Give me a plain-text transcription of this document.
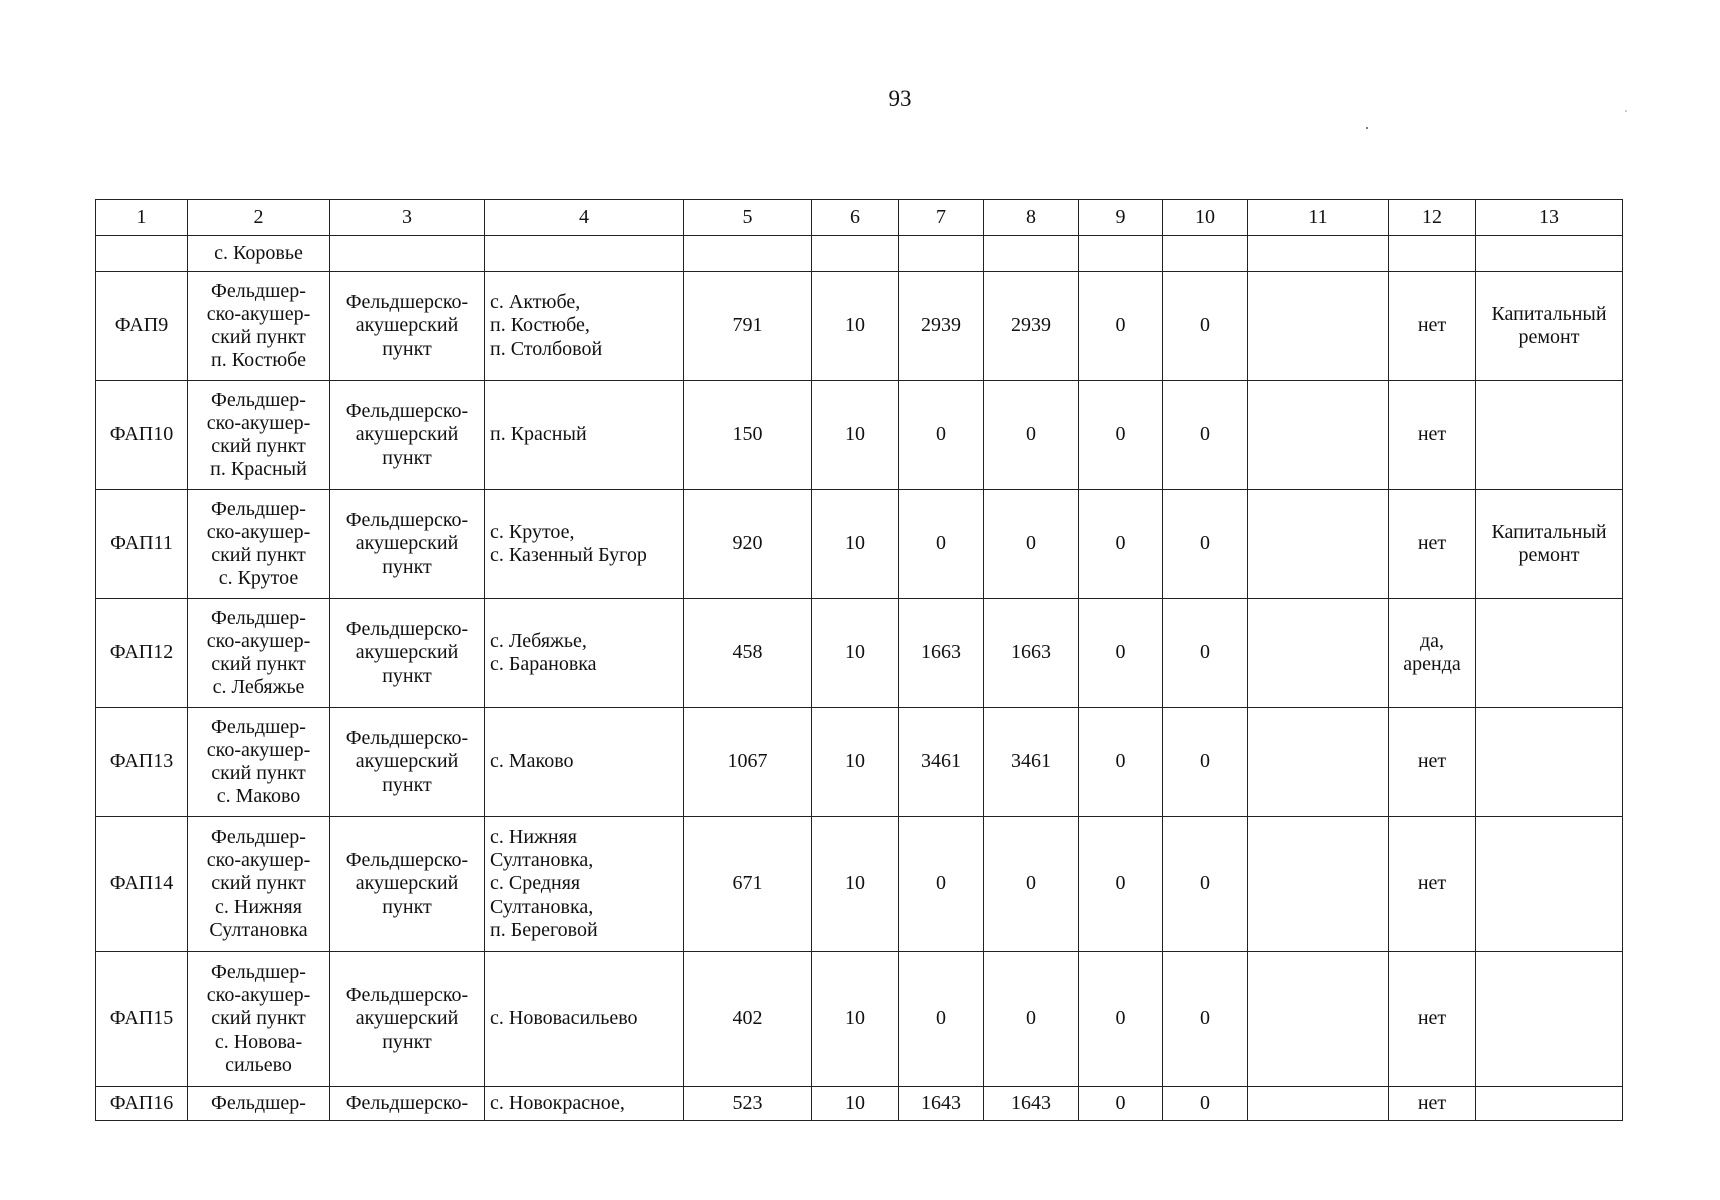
93
1	2	3	4	5	6	7	8	9	10	11	12	13
	с. Коровье											
ФАП9	Фельдшер-
ско-акушер-
ский пункт
п. Костюбе	Фельдшерско-
акушерский
пункт	с. Актюбе,
п. Костюбе,
п. Столбовой	791	10	2939	2939	0	0		нет	Капитальный
ремонт
ФАП10	Фельдшер-
ско-акушер-
ский пункт
п. Красный	Фельдшерско-
акушерский
пункт	п. Красный	150	10	0	0	0	0		нет	
ФАП11	Фельдшер-
ско-акушер-
ский пункт
с. Крутое	Фельдшерско-
акушерский
пункт	с. Крутое,
с. Казенный Бугор	920	10	0	0	0	0		нет	Капитальный
ремонт
ФАП12	Фельдшер-
ско-акушер-
ский пункт
с. Лебяжье	Фельдшерско-
акушерский
пункт	с. Лебяжье,
с. Барановка	458	10	1663	1663	0	0		да,
аренда	
ФАП13	Фельдшер-
ско-акушер-
ский пункт
с. Маково	Фельдшерско-
акушерский
пункт	с. Маково	1067	10	3461	3461	0	0		нет	
ФАП14	Фельдшер-
ско-акушер-
ский пункт
с. Нижняя
Султановка	Фельдшерско-
акушерский
пункт	с. Нижняя
Султановка,
с. Средняя
Султановка,
п. Береговой	671	10	0	0	0	0		нет	
ФАП15	Фельдшер-
ско-акушер-
ский пункт
с. Новова-
сильево	Фельдшерско-
акушерский
пункт	с. Нововасильево	402	10	0	0	0	0		нет	
ФАП16	Фельдшер-	Фельдшерско-	с. Новокрасное,	523	10	1643	1643	0	0		нет	
